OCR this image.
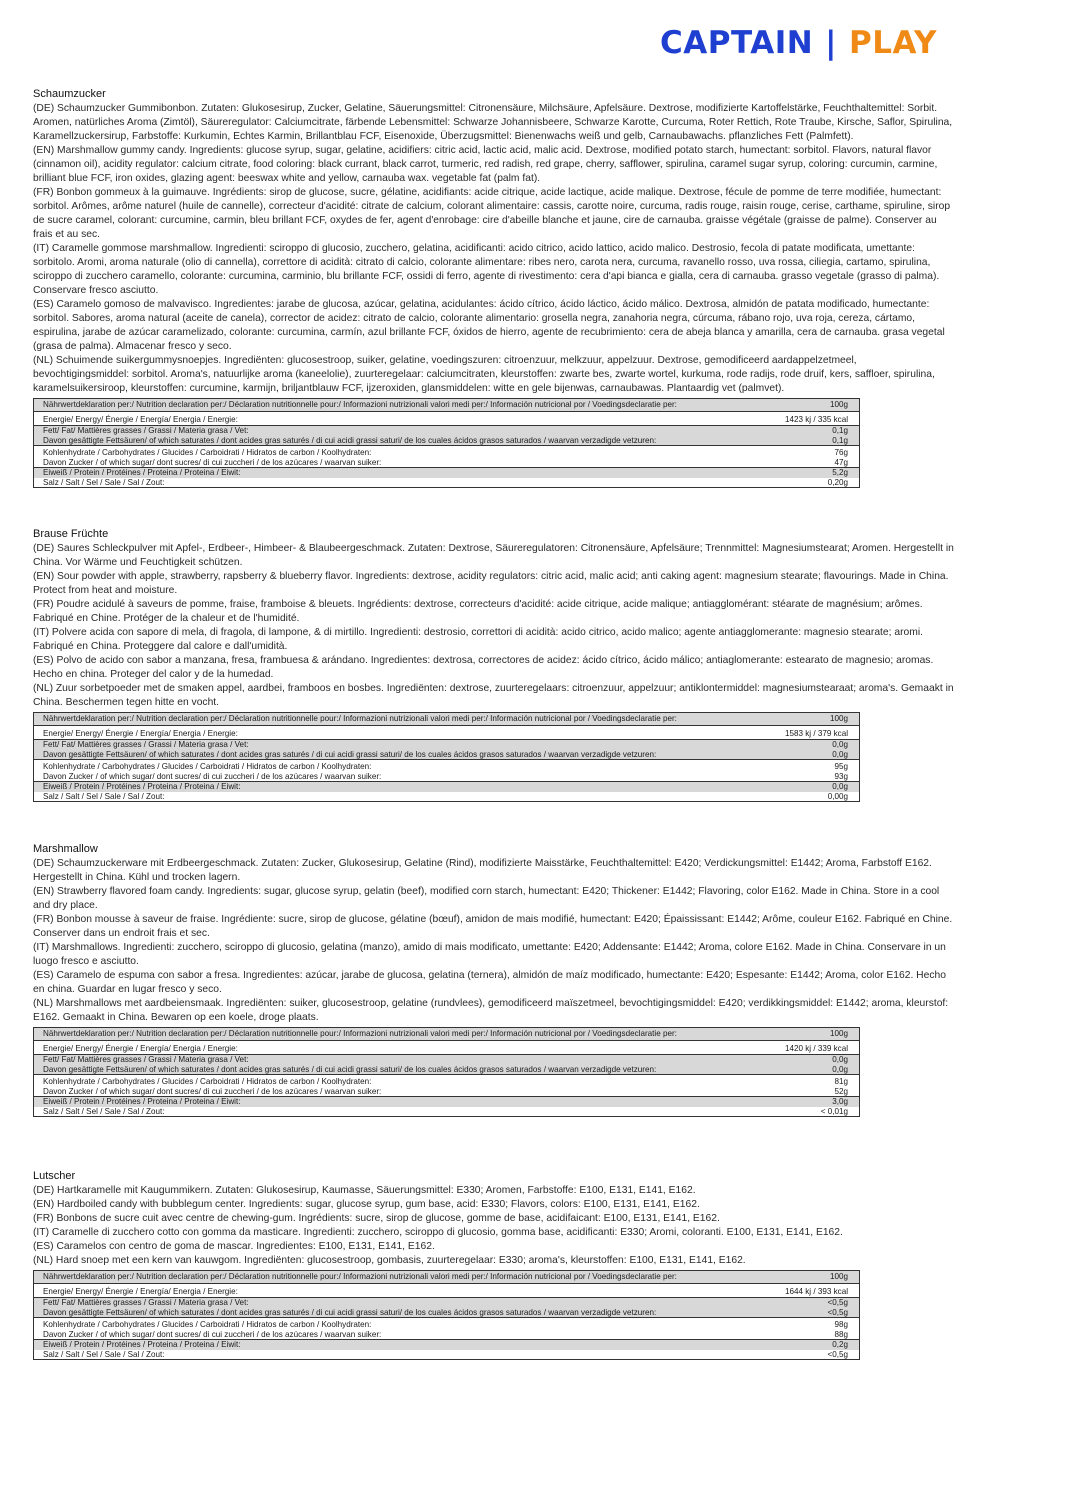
CAPTAIN | PLAY
Schaumzucker
(DE) Schaumzucker Gummibonbon. Zutaten: Glukosesirup, Zucker, Gelatine, Säuerungsmittel: Citronensäure, Milchsäure, Apfelsäure. Dextrose, modifizierte Kartoffelstärke, Feuchthaltemittel: Sorbit.
Aromen, natürliches Aroma (Zimtöl), Säureregulator: Calciumcitrate, färbende Lebensmittel: Schwarze Johannisbeere, Schwarze Karotte, Curcuma, Roter Rettich, Rote Traube, Kirsche, Saflor, Spirulina,
Karamellzuckersirup, Farbstoffe: Kurkumin, Echtes Karmin, Brillantblau FCF, Eisenoxide, Überzugsmittel: Bienenwachs weiß und gelb, Carnaubawachs. pflanzliches Fett (Palmfett).
(EN) Marshmallow gummy candy. Ingredients: glucose syrup, sugar, gelatine, acidifiers: citric acid, lactic acid, malic acid. Dextrose, modified potato starch, humectant: sorbitol. Flavors, natural flavor
(cinnamon oil), acidity regulator: calcium citrate, food coloring: black currant, black carrot, turmeric, red radish, red grape, cherry, safflower, spirulina, caramel sugar syrup, coloring: curcumin, carmine,
brilliant blue FCF, iron oxides, glazing agent: beeswax white and yellow, carnauba wax. vegetable fat (palm fat).
(FR) Bonbon gommeux à la guimauve. Ingrédients: sirop de glucose, sucre, gélatine, acidifiants: acide citrique, acide lactique, acide malique. Dextrose, fécule de pomme de terre modifiée, humectant:
sorbitol. Arômes, arôme naturel (huile de cannelle), correcteur d'acidité: citrate de calcium, colorant alimentaire: cassis, carotte noire, curcuma, radis rouge, raisin rouge, cerise, carthame, spiruline, sirop
de sucre caramel, colorant: curcumine, carmin, bleu brillant FCF, oxydes de fer, agent d'enrobage: cire d'abeille blanche et jaune, cire de carnauba. graisse végétale (graisse de palme). Conserver au
frais et au sec.
(IT) Caramelle gommose marshmallow. Ingredienti: sciroppo di glucosio, zucchero, gelatina, acidificanti: acido citrico, acido lattico, acido malico. Destrosio, fecola di patate modificata, umettante:
sorbitolo. Aromi, aroma naturale (olio di cannella), correttore di acidità: citrato di calcio, colorante alimentare: ribes nero, carota nera, curcuma, ravanello rosso, uva rossa, ciliegia, cartamo, spirulina,
sciroppo di zucchero caramello, colorante: curcumina, carminio, blu brillante FCF, ossidi di ferro, agente di rivestimento: cera d'api bianca e gialla, cera di carnauba. grasso vegetale (grasso di palma).
Conservare fresco asciutto.
(ES) Caramelo gomoso de malvavisco. Ingredientes: jarabe de glucosa, azúcar, gelatina, acidulantes: ácido cítrico, ácido láctico, ácido málico. Dextrosa, almidón de patata modificado, humectante:
sorbitol. Sabores, aroma natural (aceite de canela), corrector de acidez: citrato de calcio, colorante alimentario: grosella negra, zanahoria negra, cúrcuma, rábano rojo, uva roja, cereza, cártamo,
espirulina, jarabe de azúcar caramelizado, colorante: curcumina, carmín, azul brillante FCF, óxidos de hierro, agente de recubrimiento: cera de abeja blanca y amarilla, cera de carnauba. grasa vegetal
(grasa de palma). Almacenar fresco y seco.
(NL) Schuimende suikergummysnoepjes. Ingrediënten: glucosestroop, suiker, gelatine, voedingszuren: citroenzuur, melkzuur, appelzuur. Dextrose, gemodificeerd aardappelzetmeel,
bevochtigingsmiddel: sorbitol. Aroma's, natuurlijke aroma (kaneelolie), zuurteregelaar: calciumcitraten, kleurstoffen: zwarte bes, zwarte wortel, kurkuma, rode radijs, rode druif, kers, saffloer, spirulina,
karamelsuikersiroop, kleurstoffen: curcumine, karmijn, briljantblauw FCF, ijzeroxiden, glansmiddelen: witte en gele bijenwas, carnaubawas. Plantaardig vet (palmvet).
Nährwertdeklaration per:/ Nutrition declaration per:/ Déclaration nutritionnelle pour:/ Informazioni nutrizionali valori medi per:/ Información nutricional por / Voedingsdeclaratie per:	100g
Energie/ Energy/ Énergie / Energía/ Energia / Energie:	1423 kj / 335 kcal
Fett/ Fat/ Mattières grasses / Grassi / Materia grasa / Vet:	0,1g
Davon gesättigte Fettsäuren/ of which saturates / dont acides gras saturés / di cui acidi grassi saturi/ de los cuales ácidos grasos saturados / waarvan verzadigde vetzuren:	0,1g
Kohlenhydrate / Carbohydrates / Glucides / Carboidrati / Hidratos de carbon / Koolhydraten:	76g
Davon Zucker / of which sugar/ dont sucres/ di cui zuccheri / de los azúcares / waarvan suiker:	47g
Eiweiß / Protein / Protéines / Proteina / Proteina / Eiwit:	5,2g
Salz / Salt / Sel / Sale / Sal / Zout:	0,20g
Brause Früchte
(DE) Saures Schleckpulver mit Apfel-, Erdbeer-, Himbeer- & Blaubeergeschmack. Zutaten: Dextrose, Säureregulatoren: Citronensäure, Apfelsäure; Trennmittel: Magnesiumstearat; Aromen. Hergestellt in
China. Vor Wärme und Feuchtigkeit schützen.
(EN) Sour powder with apple, strawberry, rapsberry & blueberry flavor. Ingredients: dextrose, acidity regulators: citric acid, malic acid; anti caking agent: magnesium stearate; flavourings. Made in China.
Protect from heat and moisture.
(FR) Poudre acidulé à saveurs de pomme, fraise, framboise & bleuets. Ingrédients: dextrose, correcteurs d'acidité: acide citrique, acide malique; antiagglomérant: stéarate de magnésium; arômes.
Fabriqué en Chine. Protéger de la chaleur et de l'humidité.
(IT) Polvere acida con sapore di mela, di fragola, di lampone, & di mirtillo. Ingredienti: destrosio, correttori di acidità: acido citrico, acido malico; agente antiagglomerante: magnesio stearate; aromi.
Fabriqué en China. Proteggere dal calore e dall'umidità.
(ES) Polvo de acido con sabor a manzana, fresa, frambuesa & arándano. Ingredientes: dextrosa, correctores de acidez: ácido cítrico, ácido málico; antiaglomerante: estearato de magnesio; aromas.
Hecho en china. Proteger del calor y de la humedad.
(NL) Zuur sorbetpoeder met de smaken appel, aardbei, framboos en bosbes. Ingrediënten: dextrose, zuurteregelaars: citroenzuur, appelzuur; antiklontermiddel: magnesiumstearaat; aroma's. Gemaakt in
China. Beschermen tegen hitte en vocht.
Nährwertdeklaration per:/ Nutrition declaration per:/ Déclaration nutritionnelle pour:/ Informazioni nutrizionali valori medi per:/ Información nutricional por / Voedingsdeclaratie per:	100g
Energie/ Energy/ Énergie / Energía/ Energia / Energie:	1583 kj / 379 kcal
Fett/ Fat/ Mattières grasses / Grassi / Materia grasa / Vet:	0,0g
Davon gesättigte Fettsäuren/ of which saturates / dont acides gras saturés / di cui acidi grassi saturi/ de los cuales ácidos grasos saturados / waarvan verzadigde vetzuren:	0,0g
Kohlenhydrate / Carbohydrates / Glucides / Carboidrati / Hidratos de carbon / Koolhydraten:	95g
Davon Zucker / of which sugar/ dont sucres/ di cui zuccheri / de los azúcares / waarvan suiker:	93g
Eiweiß / Protein / Protéines / Proteina / Proteina / Eiwit:	0,0g
Salz / Salt / Sel / Sale / Sal / Zout:	0,00g
Marshmallow
(DE) Schaumzuckerware mit Erdbeergeschmack. Zutaten: Zucker, Glukosesirup, Gelatine (Rind), modifizierte Maisstärke, Feuchthaltemittel: E420; Verdickungsmittel: E1442; Aroma, Farbstoff E162.
Hergestellt in China. Kühl und trocken lagern.
(EN) Strawberry flavored foam candy. Ingredients: sugar, glucose syrup, gelatin (beef), modified corn starch, humectant: E420; Thickener: E1442; Flavoring, color E162. Made in China. Store in a cool
and dry place.
(FR) Bonbon mousse à saveur de fraise. Ingrédiente: sucre, sirop de glucose, gélatine (bœuf), amidon de mais modifié, humectant: E420; Épaississant: E1442; Arôme, couleur E162. Fabriqué en Chine.
Conserver dans un endroit frais et sec.
(IT) Marshmallows. Ingredienti: zucchero, sciroppo di glucosio, gelatina (manzo), amido di mais modificato, umettante: E420; Addensante: E1442; Aroma, colore E162. Made in China. Conservare in un
luogo fresco e asciutto.
(ES) Caramelo de espuma con sabor a fresa. Ingredientes: azúcar, jarabe de glucosa, gelatina (ternera), almidón de maíz modificado, humectante: E420; Espesante: E1442; Aroma, color E162. Hecho
en china. Guardar en lugar fresco y seco.
(NL) Marshmallows met aardbeiensmaak. Ingrediënten: suiker, glucosestroop, gelatine (rundvlees), gemodificeerd maïszetmeel, bevochtigingsmiddel: E420; verdikkingsmiddel: E1442; aroma, kleurstof:
E162. Gemaakt in China. Bewaren op een koele, droge plaats.
Nährwertdeklaration per:/ Nutrition declaration per:/ Déclaration nutritionnelle pour:/ Informazioni nutrizionali valori medi per:/ Información nutricional por / Voedingsdeclaratie per:	100g
Energie/ Energy/ Énergie / Energía/ Energia / Energie:	1420 kj / 339 kcal
Fett/ Fat/ Mattières grasses / Grassi / Materia grasa / Vet:	0,0g
Davon gesättigte Fettsäuren/ of which saturates / dont acides gras saturés / di cui acidi grassi saturi/ de los cuales ácidos grasos saturados / waarvan verzadigde vetzuren:	0,0g
Kohlenhydrate / Carbohydrates / Glucides / Carboidrati / Hidratos de carbon / Koolhydraten:	81g
Davon Zucker / of which sugar/ dont sucres/ di cui zuccheri / de los azúcares / waarvan suiker:	52g
Eiweiß / Protein / Protéines / Proteina / Proteina / Eiwit:	3,0g
Salz / Salt / Sel / Sale / Sal / Zout:	< 0,01g
Lutscher
(DE) Hartkaramelle mit Kaugummikern. Zutaten: Glukosesirup, Kaumasse, Säuerungsmittel: E330; Aromen, Farbstoffe: E100, E131, E141, E162.
(EN) Hardboiled candy with bubblegum center. Ingredients: sugar, glucose syrup, gum base, acid: E330; Flavors, colors: E100, E131, E141, E162.
(FR) Bonbons de sucre cuit avec centre de chewing-gum. Ingrédients: sucre, sirop de glucose, gomme de base, acidifaicant: E100, E131, E141, E162.
(IT) Caramelle di zucchero cotto con gomma da masticare. Ingredienti: zucchero, sciroppo di glucosio, gomma base, acidificanti: E330; Aromi, coloranti. E100, E131, E141, E162.
(ES) Caramelos con centro de goma de mascar. Ingredientes: E100, E131, E141, E162.
(NL) Hard snoep met een kern van kauwgom. Ingrediënten: glucosestroop, gombasis, zuurteregelaar: E330; aroma's, kleurstoffen: E100, E131, E141, E162.
Nährwertdeklaration per:/ Nutrition declaration per:/ Déclaration nutritionnelle pour:/ Informazioni nutrizionali valori medi per:/ Información nutricional por / Voedingsdeclaratie per:	100g
Energie/ Energy/ Énergie / Energía/ Energia / Energie:	1644 kj / 393 kcal
Fett/ Fat/ Mattières grasses / Grassi / Materia grasa / Vet:	<0,5g
Davon gesättigte Fettsäuren/ of which saturates / dont acides gras saturés / di cui acidi grassi saturi/ de los cuales ácidos grasos saturados / waarvan verzadigde vetzuren:	<0,5g
Kohlenhydrate / Carbohydrates / Glucides / Carboidrati / Hidratos de carbon / Koolhydraten:	98g
Davon Zucker / of which sugar/ dont sucres/ di cui zuccheri / de los azúcares / waarvan suiker:	88g
Eiweiß / Protein / Protéines / Proteina / Proteina / Eiwit:	0,2g
Salz / Salt / Sel / Sale / Sal / Zout:	<0,5g
